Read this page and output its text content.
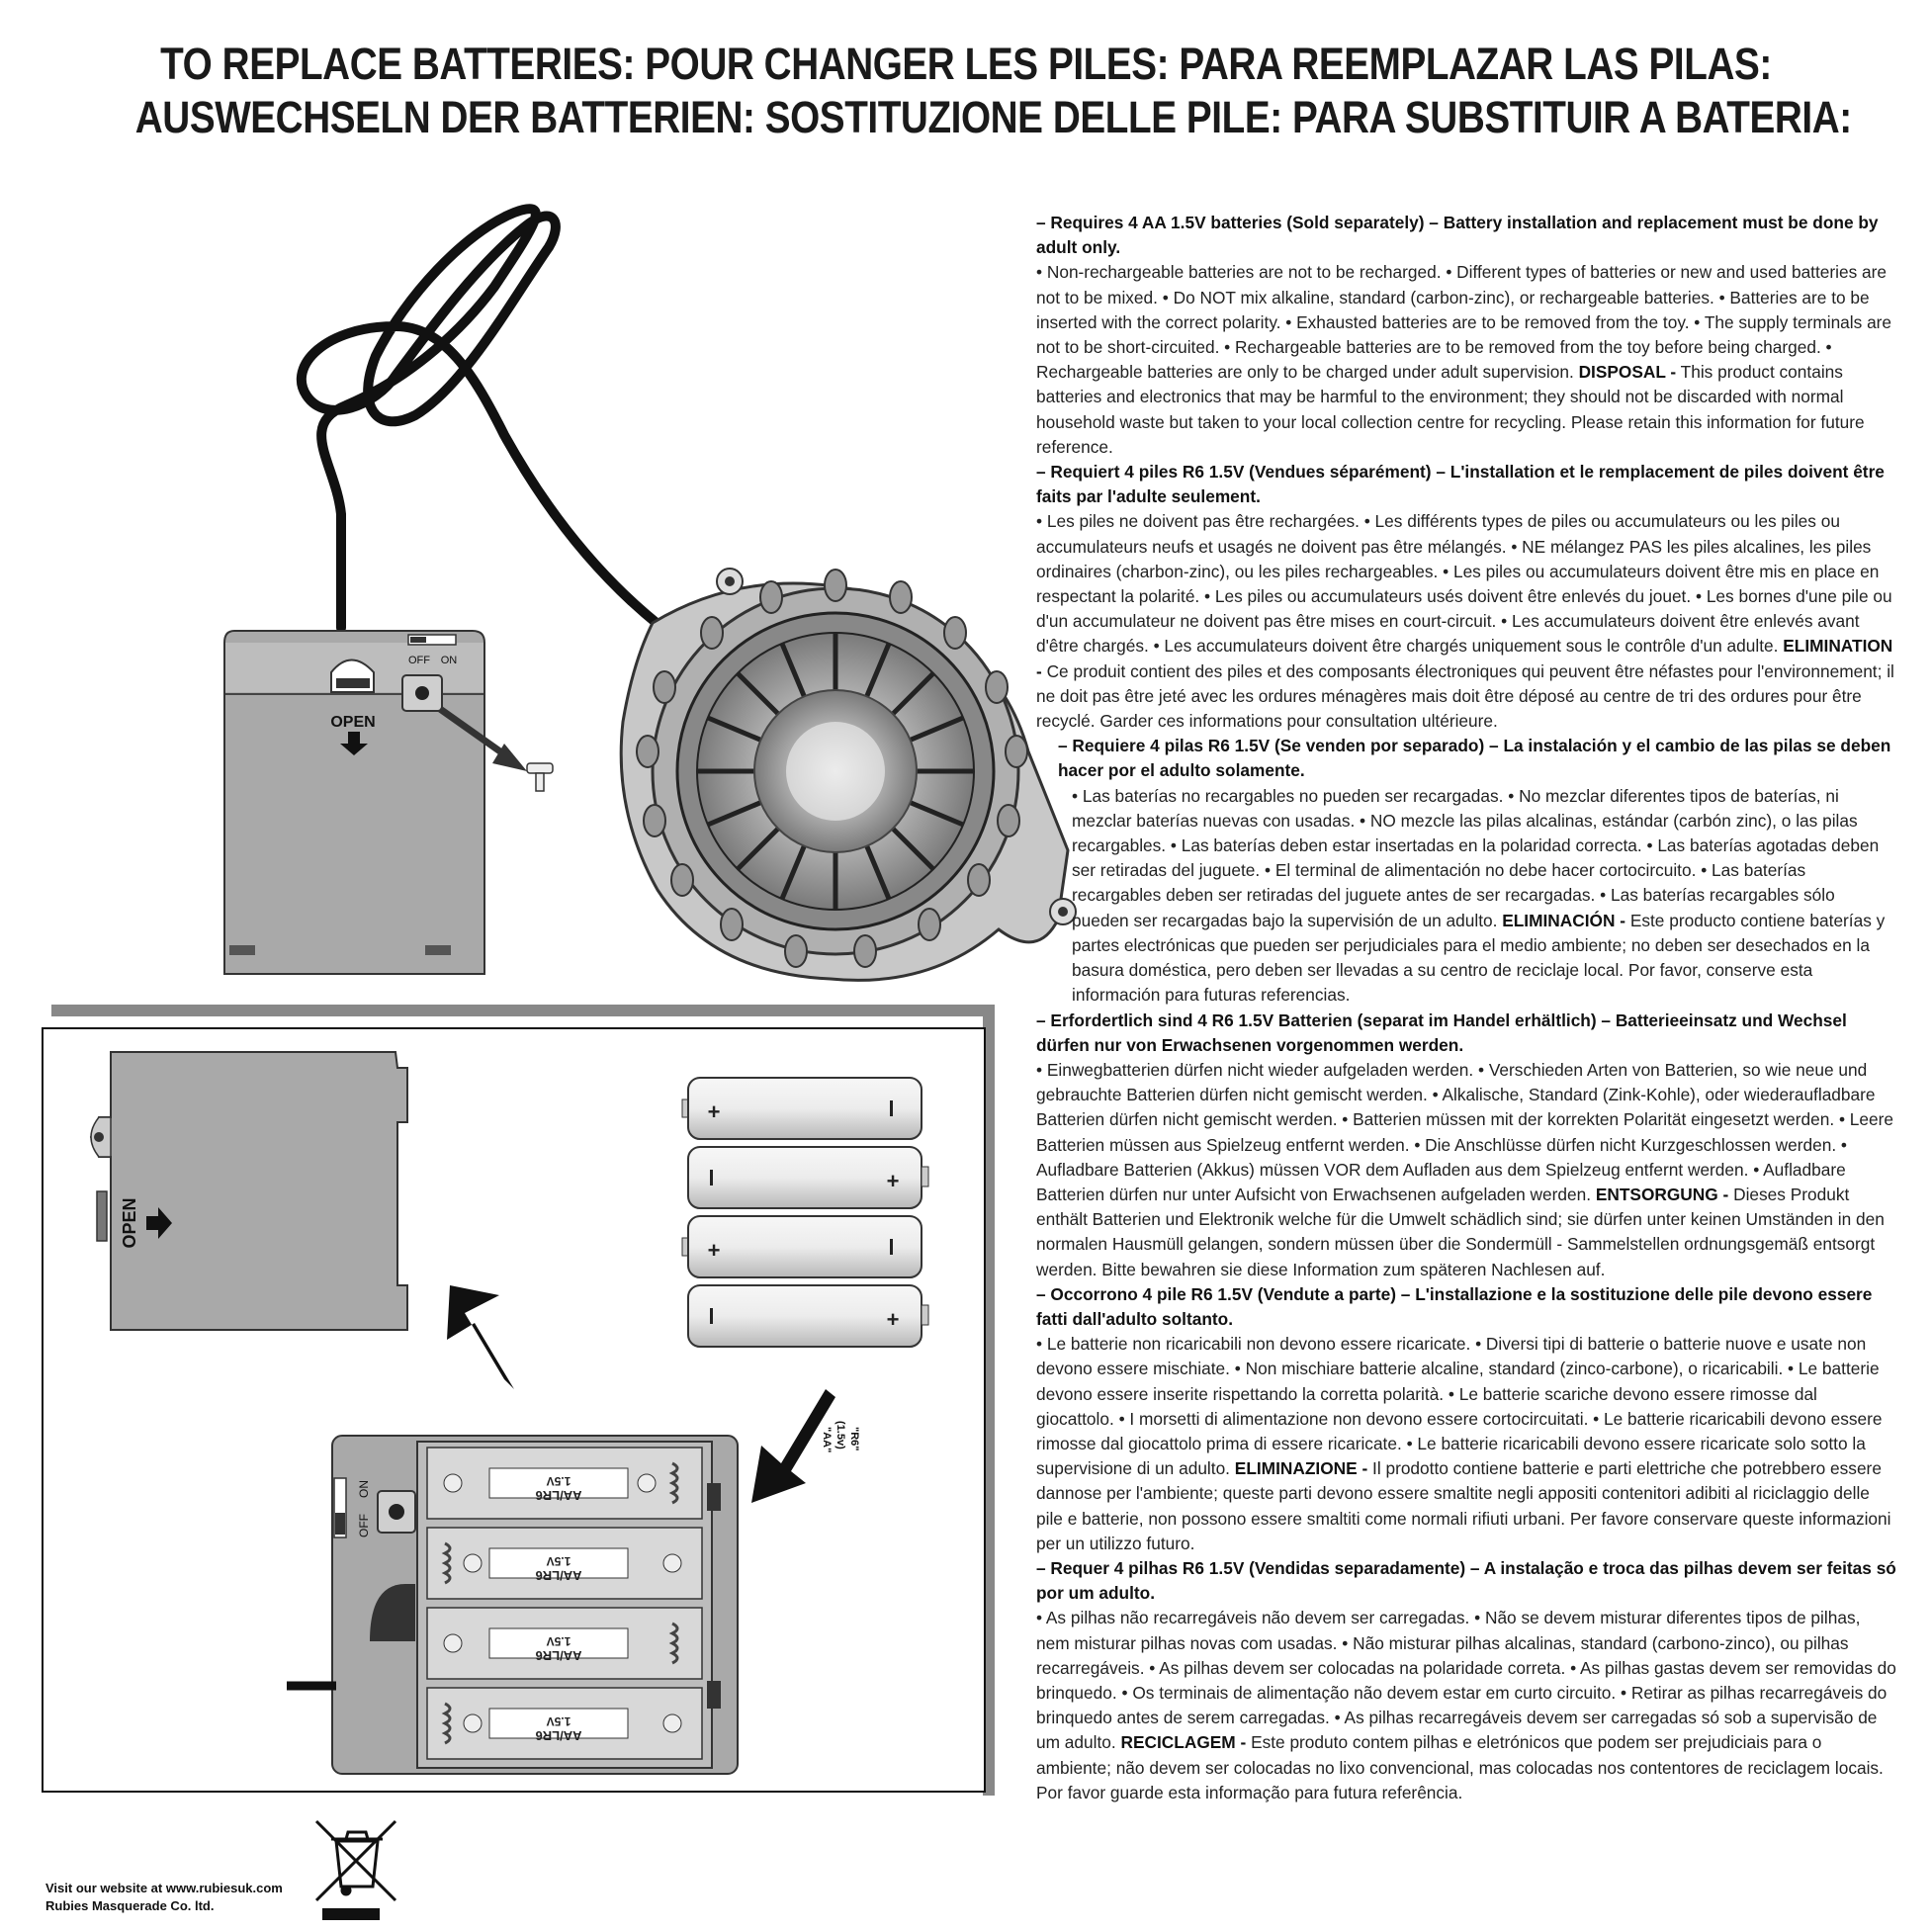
TO REPLACE BATTERIES: POUR CHANGER LES PILES: PARA REEMPLAZAR LAS PILAS:
AUSWECHSELN DER BATTERIEN: SOSTITUZIONE DELLE PILE: PARA SUBSTITUIR A BATERIA:
OPEN
OFF ON
OPEN
+
+
+
+
"AA" (1.5v) "R6"
OFF
ON	1.5V
AA/LR6
1.5V
AA/LR6
1.5V
AA/LR6
1.5V
AA/LR6

– Requires 4 AA 1.5V batteries (Sold separately) – Battery installation and replacement must be done by adult only.

• Non-rechargeable batteries are not to be recharged. • Different types of batteries or new and used batteries are not to be mixed. • Do NOT mix alkaline, standard (carbon-zinc), or rechargeable batteries. • Batteries are to be inserted with the correct polarity. • Exhausted batteries are to be removed from the toy. • The supply terminals are not to be short-circuited. • Rechargeable batteries are to be removed from the toy before being charged. • Rechargeable batteries are only to be charged under adult supervision. DISPOSAL - This product contains batteries and electronics that may be harmful to the environment; they should not be discarded with normal household waste but taken to your local collection centre for recycling. Please retain this information for future reference.

– Requiert 4 piles R6 1.5V (Vendues séparément) – L'installation et le remplacement de piles doivent être faits par l'adulte seulement.

• Les piles ne doivent pas être rechargées. • Les différents types de piles ou accumulateurs ou les piles ou accumulateurs neufs et usagés ne doivent pas être mélangés. • NE mélangez PAS les piles alcalines, les piles ordinaires (charbon-zinc), ou les piles rechargeables. • Les piles ou accumulateurs doivent être mis en place en respectant la polarité. • Les piles ou accumulateurs usés doivent être enlevés du jouet. • Les bornes d'une pile ou d'un accumulateur ne doivent pas être mises en court-circuit. • Les accumulateurs doivent être enlevés avant d'être chargés. • Les accumulateurs doivent être chargés uniquement sous le contrôle d'un adulte. ELIMINATION - Ce produit contient des piles et des composants électroniques qui peuvent être néfastes pour l'environnement; il ne doit pas être jeté avec les ordures ménagères mais doit être déposé au centre de tri des ordures pour être recyclé. Garder ces informations pour consultation ultérieure.

– Requiere 4 pilas R6 1.5V (Se venden por separado) – La instalación y el cambio de las pilas se deben hacer por el adulto solamente.

• Las baterías no recargables no pueden ser recargadas. • No mezclar diferentes tipos de baterías, ni mezclar baterías nuevas con usadas. • NO mezcle las pilas alcalinas, estándar (carbón zinc), o las pilas recargables. • Las baterías deben estar insertadas en la polaridad correcta. • Las baterías agotadas deben ser retiradas del juguete. • El terminal de alimentación no debe hacer cortocircuito. • Las baterías recargables deben ser retiradas del juguete antes de ser recargadas. • Las baterías recargables sólo pueden ser recargadas bajo la supervisión de un adulto. ELIMINACIÓN - Este producto contiene baterías y partes electrónicas que pueden ser perjudiciales para el medio ambiente; no deben ser desechados en la basura doméstica, pero deben ser llevadas a su centro de reciclaje local. Por favor, conserve esta información para futuras referencias.

– Erfordertlich sind 4 R6 1.5V Batterien (separat im Handel erhältlich) – Batterieeinsatz und Wechsel dürfen nur von Erwachsenen vorgenommen werden.

• Einwegbatterien dürfen nicht wieder aufgeladen werden. • Verschieden Arten von Batterien, so wie neue und gebrauchte Batterien dürfen nicht gemischt werden. • Alkalische, Standard (Zink-Kohle), oder wiederaufladbare Batterien dürfen nicht gemischt werden. • Batterien müssen mit der korrekten Polarität eingesetzt werden. • Leere Batterien müssen aus Spielzeug entfernt werden. • Die Anschlüsse dürfen nicht Kurzgeschlossen werden. • Aufladbare Batterien (Akkus) müssen VOR dem Aufladen aus dem Spielzeug entfernt werden. • Aufladbare Batterien dürfen nur unter Aufsicht von Erwachsenen aufgeladen werden. ENTSORGUNG - Dieses Produkt enthält Batterien und Elektronik welche für die Umwelt schädlich sind; sie dürfen unter keinen Umständen in den normalen Hausmüll gelangen, sondern müssen über die Sondermüll - Sammelstellen ordnungsgemäß entsorgt werden. Bitte bewahren sie diese Information zum späteren Nachlesen auf.

– Occorrono 4 pile R6 1.5V (Vendute a parte) – L'installazione e la sostituzione delle pile devono essere fatti dall'adulto soltanto.

• Le batterie non ricaricabili non devono essere ricaricate. • Diversi tipi di batterie o batterie nuove e usate non devono essere mischiate. • Non mischiare batterie alcaline, standard (zinco-carbone), o ricaricabili. • Le batterie devono essere inserite rispettando la corretta polarità. • Le batterie scariche devono essere rimosse dal giocattolo. • I morsetti di alimentazione non devono essere cortocircuitati. • Le batterie ricaricabili devono essere rimosse dal giocattolo prima di essere ricaricate. • Le batterie ricaricabili devono essere ricaricate solo sotto la supervisione di un adulto. ELIMINAZIONE - Il prodotto contiene batterie e parti elettriche che potrebbero essere dannose per l'ambiente; queste parti devono essere smaltite negli appositi contenitori adibiti al riciclaggio delle pile e batterie, non possono essere smaltiti come normali rifiuti urbani. Per favore conservare queste informazioni per un utilizzo futuro.

– Requer 4 pilhas R6 1.5V (Vendidas separadamente) – A instalação e troca das pilhas devem ser feitas só por um adulto.

• As pilhas não recarregáveis não devem ser carregadas. • Não se devem misturar diferentes tipos de pilhas, nem misturar pilhas novas com usadas. • Não misturar pilhas alcalinas, standard (carbono-zinco), ou pilhas recarregáveis. • As pilhas devem ser colocadas na polaridade correta. • As pilhas gastas devem ser removidas do brinquedo. • Os terminais de alimentação não devem estar em curto circuito. • Retirar as pilhas recarregáveis do brinquedo antes de serem carregadas. • As pilhas recarregáveis devem ser carregadas só sob a supervisão de um adulto. RECICLAGEM - Este produto contem pilhas e eletrónicos que podem ser prejudiciais para o ambiente; não devem ser colocadas no lixo convencional, mas colocadas nos contentores de reciclagem locais. Por favor guarde esta informação para futura referência.

Visit our website at www.rubiesuk.com
Rubies Masquerade Co. ltd.
